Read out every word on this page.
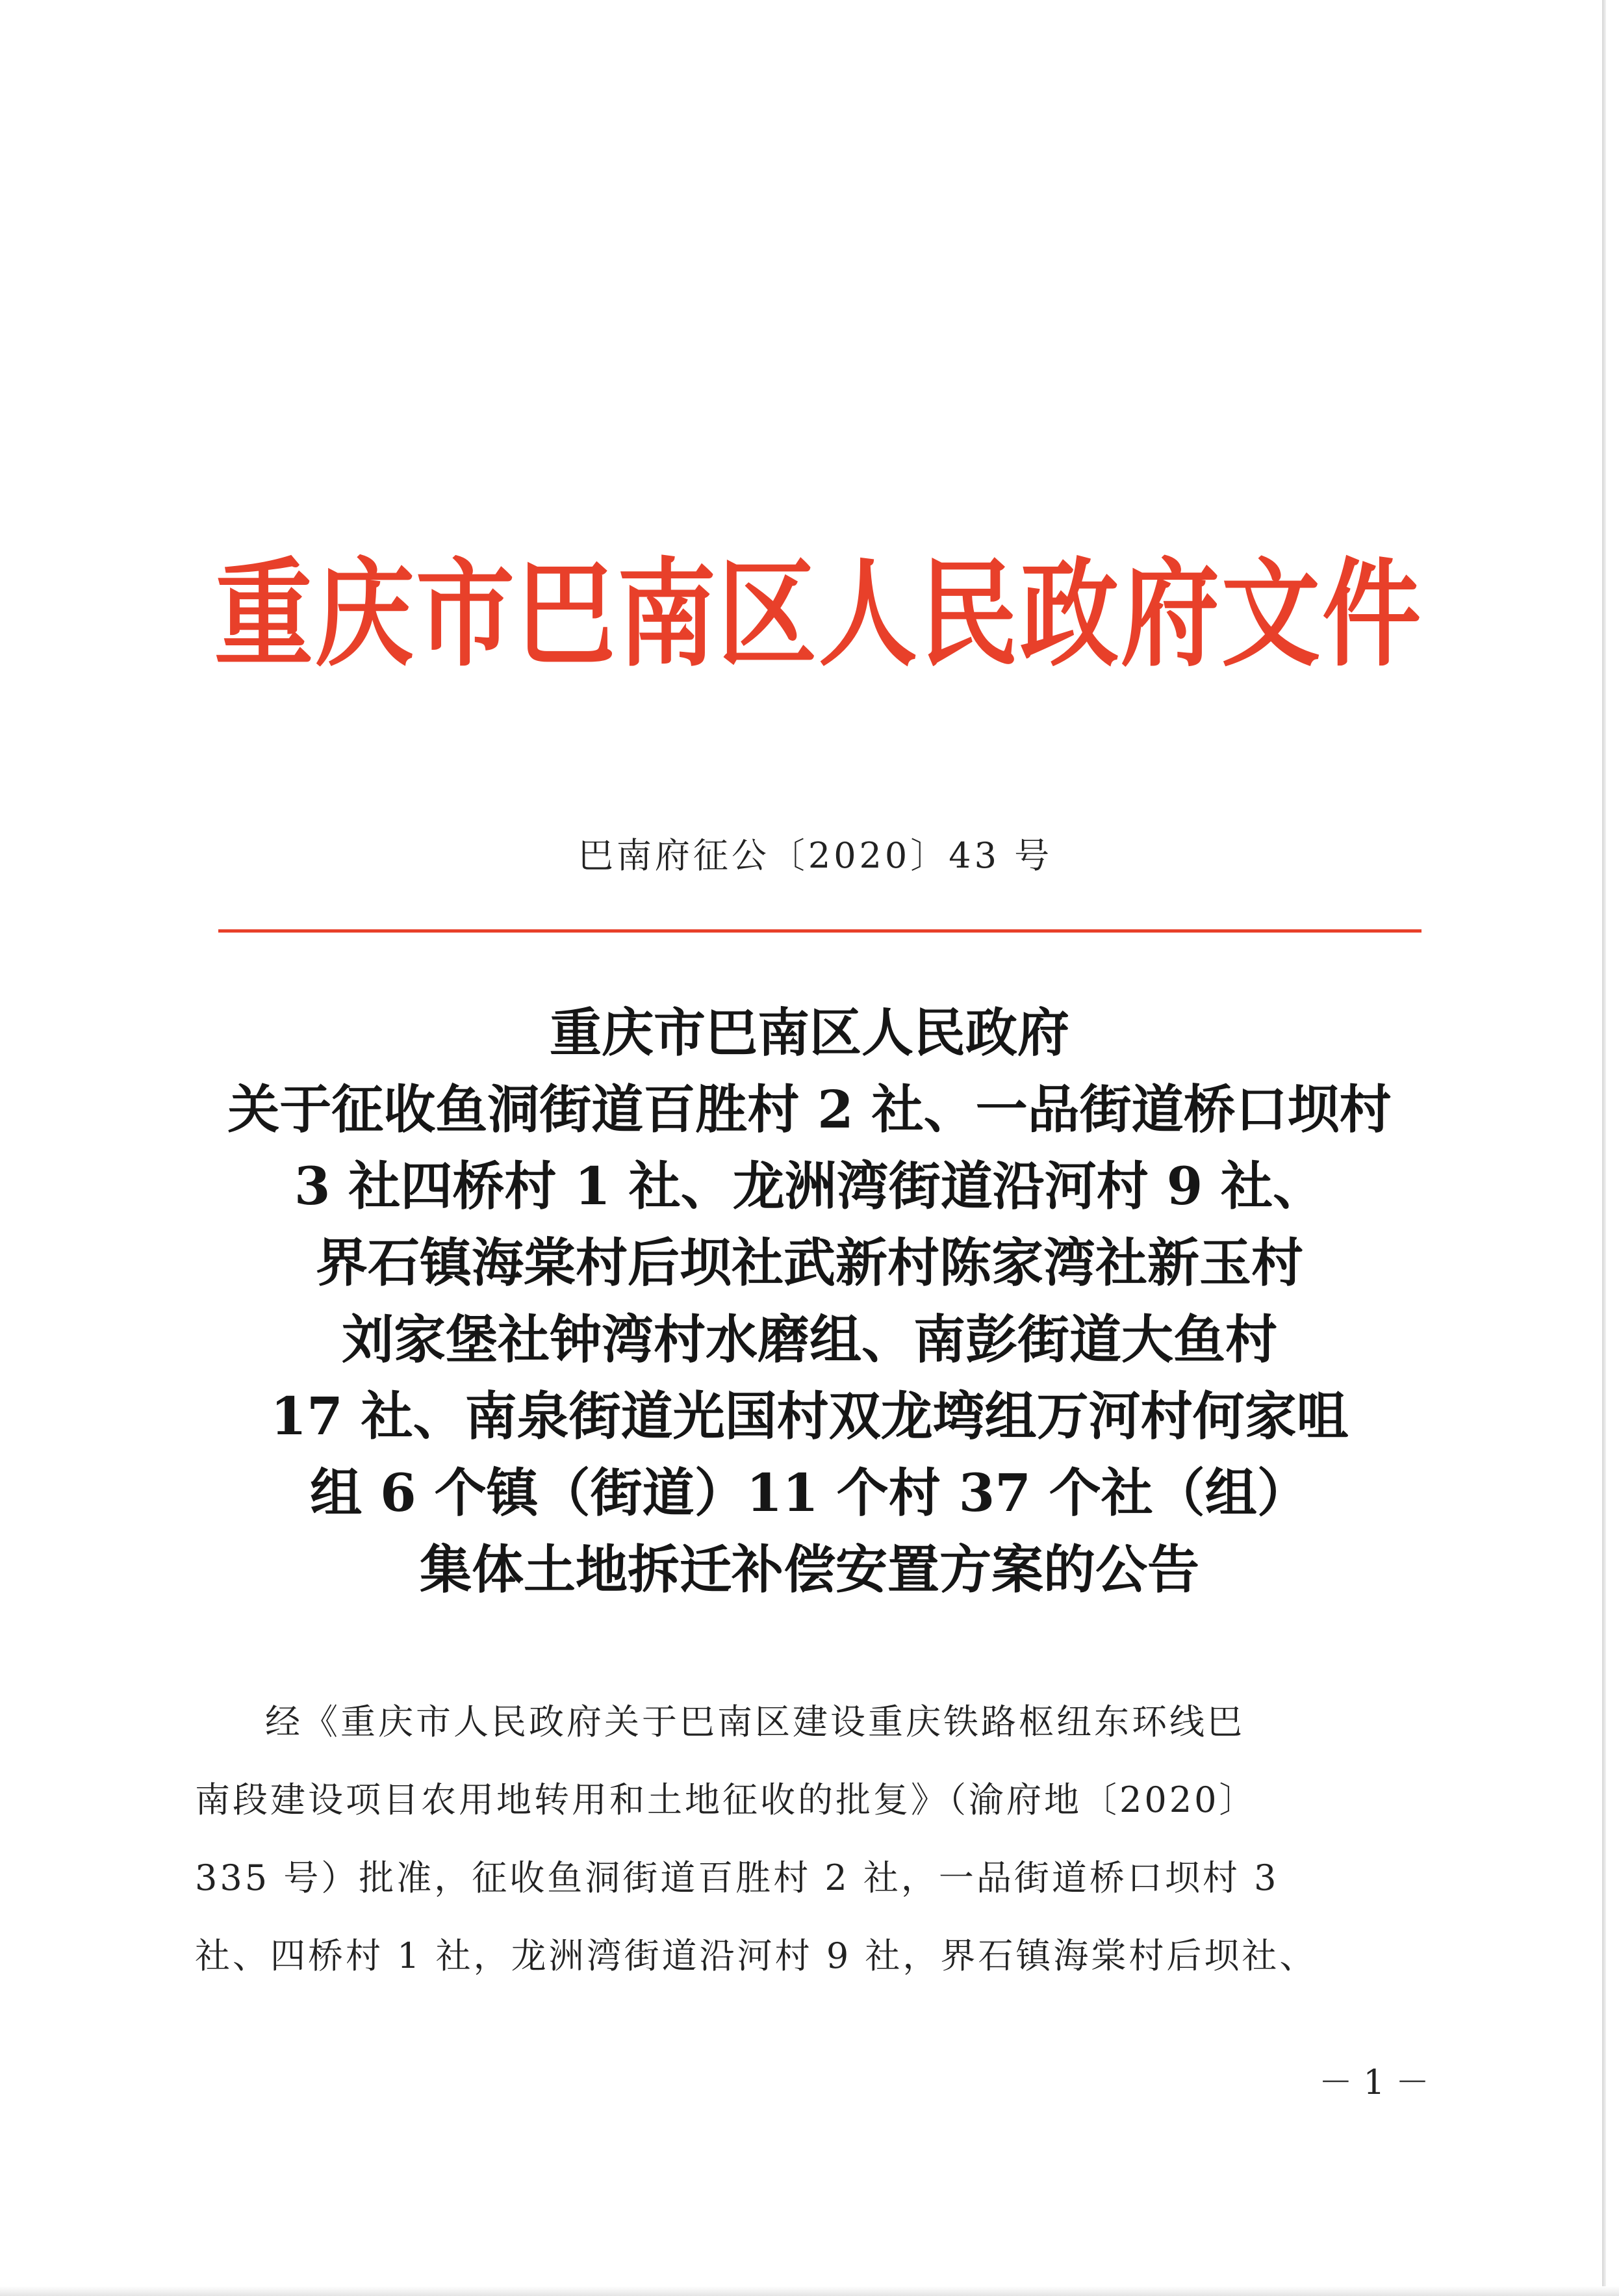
重庆市巴南区人民政府文件
巴南府征公〔2020〕43 号
重庆市巴南区人民政府
关于征收鱼洞街道百胜村 2 社、一品街道桥口坝村
3 社四桥村 1 社、龙洲湾街道沿河村 9 社、
界石镇海棠村后坝社武新村陈家湾社新玉村
刘家堡社钟湾村水磨组、南彭街道大鱼村
17 社、南泉街道光国村双龙塆组万河村何家咀
组 6 个镇（街道）11 个村 37 个社（组）
集体土地拆迁补偿安置方案的公告
经《重庆市人民政府关于巴南区建设重庆铁路枢纽东环线巴
南段建设项目农用地转用和土地征收的批复》（渝府地〔2020〕
335 号）批准，征收鱼洞街道百胜村 2 社，一品街道桥口坝村 3
社、四桥村 1 社，龙洲湾街道沿河村 9 社，界石镇海棠村后坝社、
－ 1 －
